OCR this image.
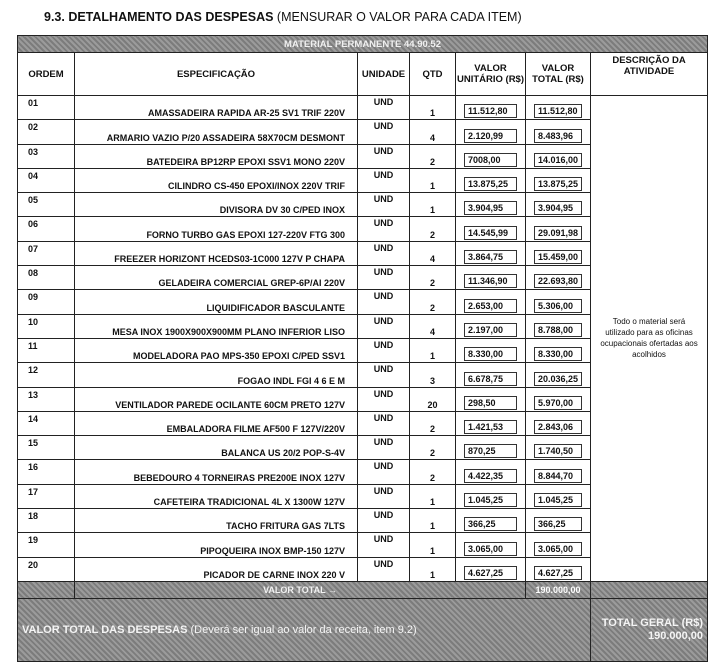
9.3. DETALHAMENTO DAS DESPESAS (MENSURAR O VALOR PARA CADA ITEM)
MATERIAL PERMANENTE 44.90.52						
ORDEM	ESPECIFICAÇÃO	UNIDADE	QTD	VALOR UNITÁRIO (R$)	VALOR TOTAL (R$)	DESCRIÇÃO DA ATIVIDADE
01	AMASSADEIRA RAPIDA AR-25 SV1 TRIF 220V	UND	1	11.512,80	11.512,80	Todo o material será utilizado para as oficinas ocupacionais ofertadas aos acolhidos
02	ARMARIO VAZIO P/20 ASSADEIRA 58X70CM DESMONT	UND	4	2.120,99	8.483,96	

03	BATEDEIRA BP12RP EPOXI SSV1 MONO 220V	UND	2	7008,00	14.016,00	

04	CILINDRO CS-450 EPOXI/INOX 220V TRIF	UND	1	13.875,25	13.875,25	

05	DIVISORA DV 30 C/PED INOX	UND	1	3.904,95	3.904,95	

06	FORNO TURBO GAS EPOXI 127-220V FTG 300	UND	2	14.545,99	29.091,98	

07	FREEZER HORIZONT HCEDS03-1C000 127V P CHAPA	UND	4	3.864,75	15.459,00	

08	GELADEIRA COMERCIAL GREP-6P/AI 220V	UND	2	11.346,90	22.693,80	

09	LIQUIDIFICADOR BASCULANTE	UND	2	2.653,00	5.306,00	

10	MESA INOX 1900X900X900MM PLANO INFERIOR LISO	UND	4	2.197,00	8.788,00	

11	MODELADORA PAO MPS-350 EPOXI C/PED SSV1	UND	1	8.330,00	8.330,00	

12	FOGAO INDL FGI 4 6 E M	UND	3	6.678,75	20.036,25	

13	VENTILADOR PAREDE OCILANTE 60CM PRETO 127V	UND	20	298,50	5.970,00	

14	EMBALADORA FILME AF500 F 127V/220V	UND	2	1.421,53	2.843,06	

15	BALANCA US 20/2 POP-S-4V	UND	2	870,25	1.740,50	

16	BEBEDOURO 4 TORNEIRAS PRE200E INOX 127V	UND	2	4.422,35	8.844,70	

17	CAFETEIRA TRADICIONAL 4L X 1300W 127V	UND	1	1.045,25	1.045,25	

18	TACHO FRITURA GAS 7LTS	UND	1	366,25	366,25	

19	PIPOQUEIRA INOX BMP-150 127V	UND	1	3.065,00	3.065,00	

20	PICADOR DE CARNE INOX 220 V	UND	1	4.627,25	4.627,25	

	VALOR TOTAL →				190.000,00	
VALOR TOTAL DAS DESPESAS (Deverá ser igual ao valor da receita, item 9.2)						TOTAL GERAL (R$)
190.000,00
